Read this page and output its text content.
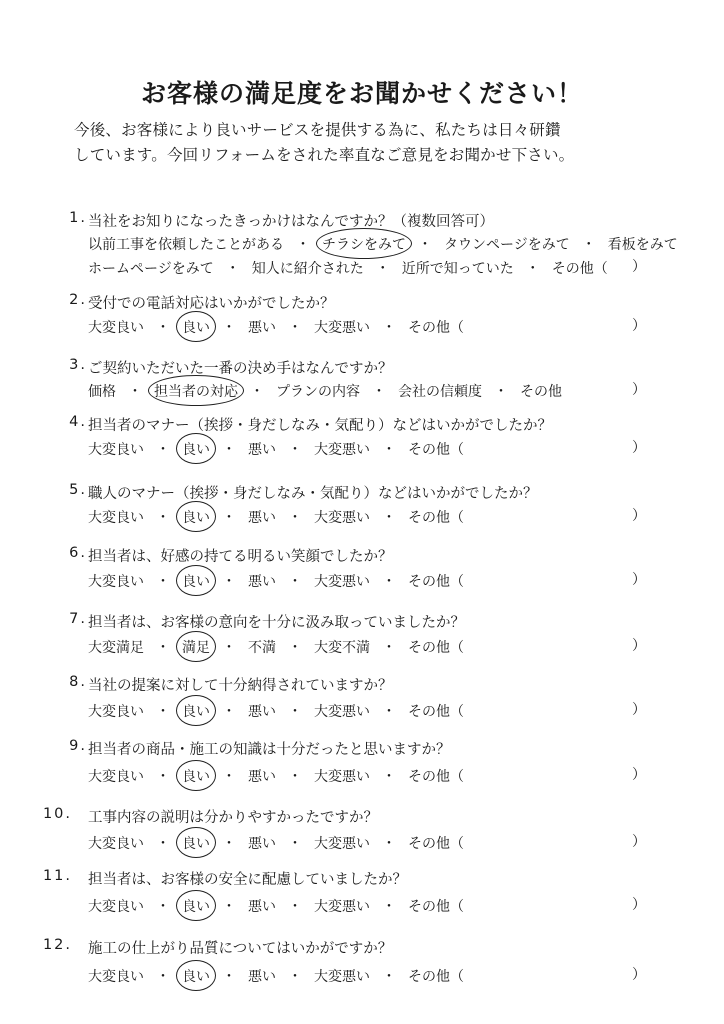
お客様の満足度をお聞かせください！
今後、お客様により良いサービスを提供する為に、私たちは日々研鑽
しています。今回リフォームをされた率直なご意見をお聞かせ下さい。
1. 当社をお知りになったきっかけはなんですか？（複数回答可）
以前工事を依頼したことがある ・ チラシをみて ・ タウンページをみて ・ 看板をみて
ホームページをみて ・ 知人に紹介された ・ 近所で知っていた ・ その他（ ）
2. 受付での電話対応はいかがでしたか？
大変良い ・ 良い ・ 悪い ・ 大変悪い ・ その他（	）
3. ご契約いただいた一番の決め手はなんですか？
価格 ・ 担当者の対応 ・ プランの内容 ・ 会社の信頼度 ・ その他	）
4. 担当者のマナー（挨拶・身だしなみ・気配り）などはいかがでしたか？
大変良い ・ 良い ・ 悪い ・ 大変悪い ・ その他（	）
5. 職人のマナー（挨拶・身だしなみ・気配り）などはいかがでしたか？
大変良い ・ 良い ・ 悪い ・ 大変悪い ・ その他（	）
6. 担当者は、好感の持てる明るい笑顔でしたか？
大変良い ・ 良い ・ 悪い ・ 大変悪い ・ その他（	）
7. 担当者は、お客様の意向を十分に汲み取っていましたか？
大変満足 ・ 満足 ・ 不満 ・ 大変不満 ・ その他（	）
8. 当社の提案に対して十分納得されていますか？
大変良い ・ 良い ・ 悪い ・ 大変悪い ・ その他（	）
9. 担当者の商品・施工の知識は十分だったと思いますか？
大変良い ・ 良い ・ 悪い ・ 大変悪い ・ その他（	）
10. 工事内容の説明は分かりやすかったですか？
大変良い ・ 良い ・ 悪い ・ 大変悪い ・ その他（	）
11. 担当者は、お客様の安全に配慮していましたか？
大変良い ・ 良い ・ 悪い ・ 大変悪い ・ その他（	）
12. 施工の仕上がり品質についてはいかがですか？
大変良い ・ 良い ・ 悪い ・ 大変悪い ・ その他（	）
